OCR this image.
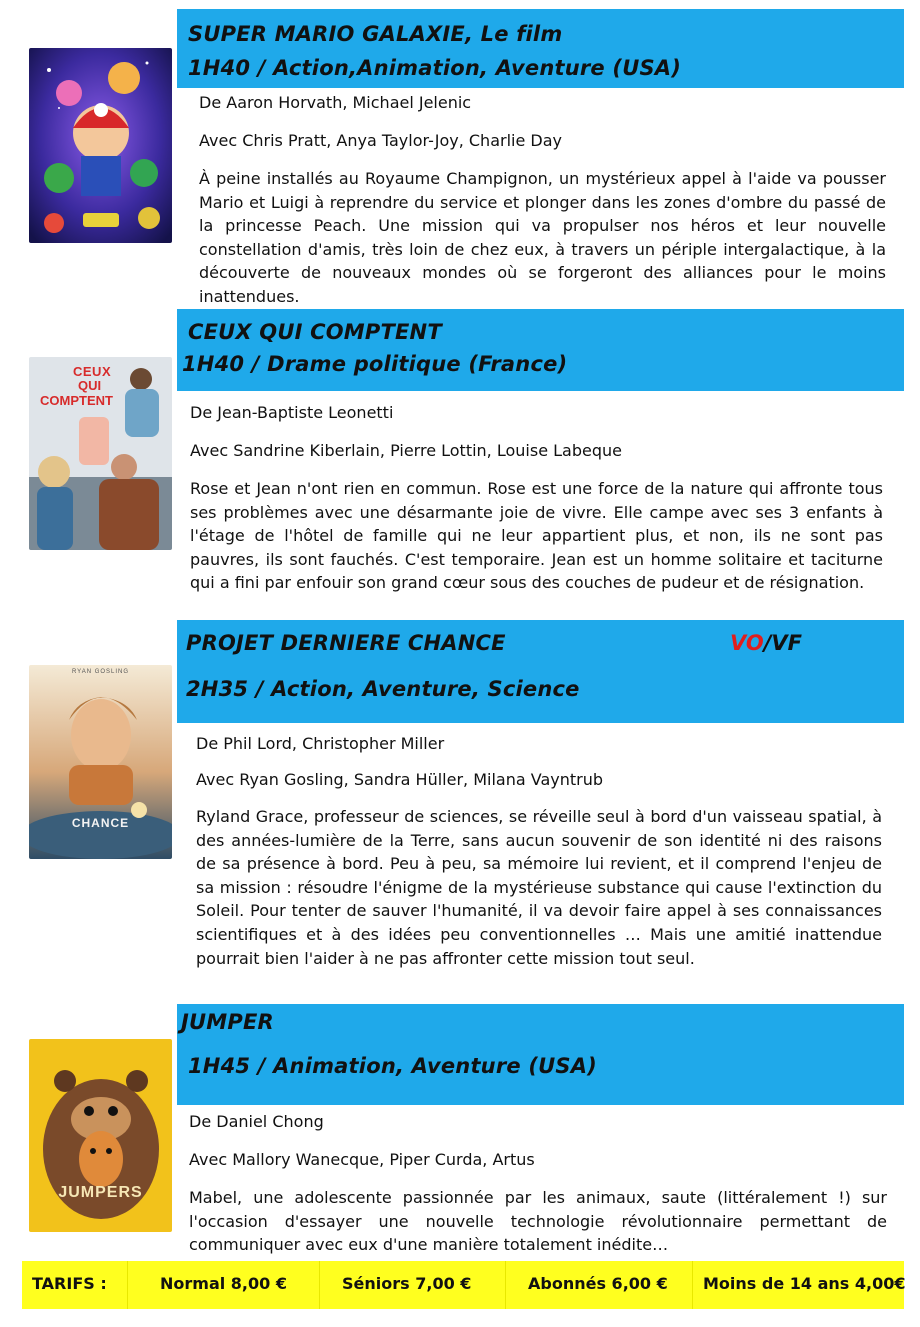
SUPER MARIO GALAXIE, Le film
1H40 / Action,Animation, Aventure (USA)
De Aaron Horvath, Michael Jelenic
Avec Chris Pratt, Anya Taylor-Joy, Charlie Day
À peine installés au Royaume Champignon, un mystérieux appel à l'aide va pousser Mario et Luigi à reprendre du service et plonger dans les zones d'ombre du passé de la princesse Peach. Une mission qui va propulser nos héros et leur nouvelle constellation d'amis, très loin de chez eux, à travers un périple intergalactique, à la découverte de nouveaux mondes où se forgeront des alliances pour le moins inattendues.
CEUX
QUI
COMPTENT
CEUX QUI COMPTENT
1H40 / Drame politique (France)
De Jean-Baptiste Leonetti
Avec Sandrine Kiberlain, Pierre Lottin, Louise Labeque
Rose et Jean n'ont rien en commun. Rose est une force de la nature qui affronte tous ses problèmes avec une désarmante joie de vivre. Elle campe avec ses 3 enfants à l'étage de l'hôtel de famille qui ne leur appartient plus, et non, ils ne sont pas pauvres, ils sont fauchés. C'est temporaire. Jean est un homme solitaire et taciturne qui a fini par enfouir son grand cœur sous des couches de pudeur et de résignation.
RYAN GOSLING
CHANCE
PROJET DERNIERE CHANCE	VO/VF
2H35 / Action, Aventure, Science
De Phil Lord, Christopher Miller
Avec Ryan Gosling, Sandra Hüller, Milana Vayntrub
Ryland Grace, professeur de sciences, se réveille seul à bord d'un vaisseau spatial, à des années-lumière de la Terre, sans aucun souvenir de son identité ni des raisons de sa présence à bord. Peu à peu, sa mémoire lui revient, et il comprend l'enjeu de sa mission : résoudre l'énigme de la mystérieuse substance qui cause l'extinction du Soleil. Pour tenter de sauver l'humanité, il va devoir faire appel à ses connaissances scientifiques et à des idées peu conventionnelles … Mais une amitié inattendue pourrait bien l'aider à ne pas affronter cette mission tout seul.
JUMPERS
JUMPER
1H45 / Animation, Aventure (USA)
De Daniel Chong
Avec Mallory Wanecque, Piper Curda, Artus
Mabel, une adolescente passionnée par les animaux, saute (littéralement !) sur l'occasion d'essayer une nouvelle technologie révolutionnaire permettant de communiquer avec eux d'une manière totalement inédite…
TARIFS :	Normal 8,00 €	Séniors 7,00 €	Abonnés 6,00 € Moins de 14 ans 4,00€
